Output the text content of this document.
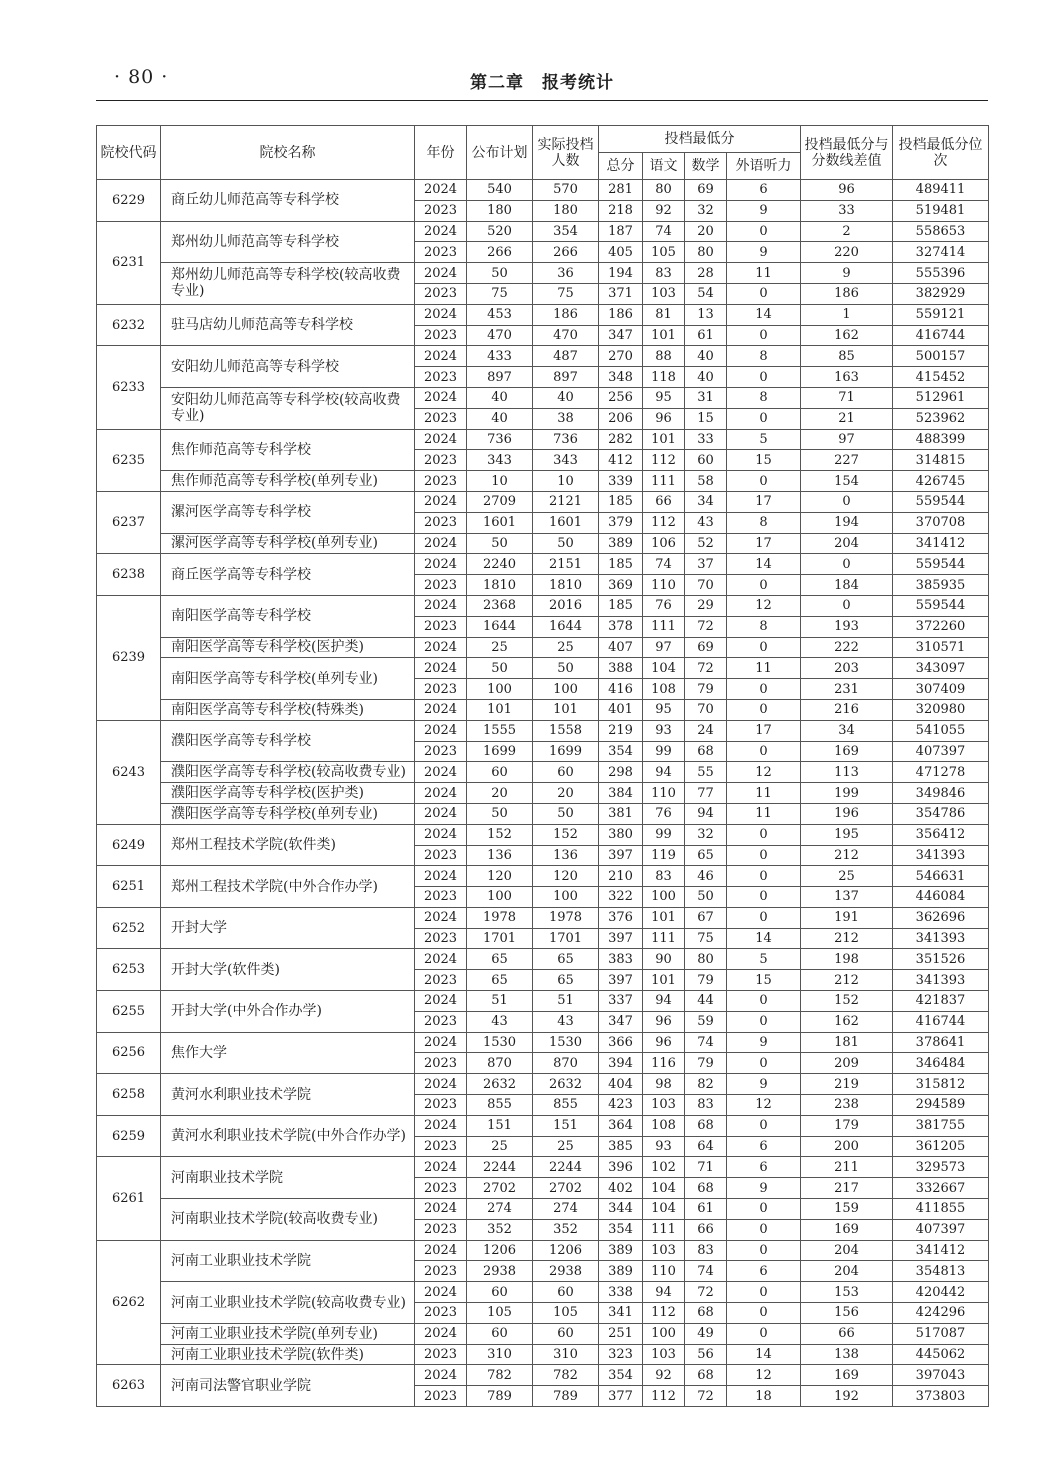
· 80 ·	第二章　报考统计

院校代码	院校名称	年份	公布计划	实际投档人数	投档最低分				投档最低分与分数线差值	投档最低分位次
					总分	语文	数学	外语听力		
6229	商丘幼儿师范高等专科学校	2024	540	570	281	80	69	6	96	489411
		2023	180	180	218	92	32	9	33	519481
6231	郑州幼儿师范高等专科学校	2024	520	354	187	74	20	0	2	558653
		2023	266	266	405	105	80	9	220	327414
	郑州幼儿师范高等专科学校(较高收费专业)	2024	50	36	194	83	28	11	9	555396
		2023	75	75	371	103	54	0	186	382929
6232	驻马店幼儿师范高等专科学校	2024	453	186	186	81	13	14	1	559121
		2023	470	470	347	101	61	0	162	416744
6233	安阳幼儿师范高等专科学校	2024	433	487	270	88	40	8	85	500157
		2023	897	897	348	118	40	0	163	415452
	安阳幼儿师范高等专科学校(较高收费专业)	2024	40	40	256	95	31	8	71	512961
		2023	40	38	206	96	15	0	21	523962
6235	焦作师范高等专科学校	2024	736	736	282	101	33	5	97	488399
		2023	343	343	412	112	60	15	227	314815
	焦作师范高等专科学校(单列专业)	2023	10	10	339	111	58	0	154	426745
6237	漯河医学高等专科学校	2024	2709	2121	185	66	34	17	0	559544
		2023	1601	1601	379	112	43	8	194	370708
	漯河医学高等专科学校(单列专业)	2024	50	50	389	106	52	17	204	341412
6238	商丘医学高等专科学校	2024	2240	2151	185	74	37	14	0	559544
		2023	1810	1810	369	110	70	0	184	385935
6239	南阳医学高等专科学校	2024	2368	2016	185	76	29	12	0	559544
		2023	1644	1644	378	111	72	8	193	372260
	南阳医学高等专科学校(医护类)	2024	25	25	407	97	69	0	222	310571
	南阳医学高等专科学校(单列专业)	2024	50	50	388	104	72	11	203	343097
		2023	100	100	416	108	79	0	231	307409
	南阳医学高等专科学校(特殊类)	2024	101	101	401	95	70	0	216	320980
6243	濮阳医学高等专科学校	2024	1555	1558	219	93	24	17	34	541055
		2023	1699	1699	354	99	68	0	169	407397
	濮阳医学高等专科学校(较高收费专业)	2024	60	60	298	94	55	12	113	471278
	濮阳医学高等专科学校(医护类)	2024	20	20	384	110	77	11	199	349846
	濮阳医学高等专科学校(单列专业)	2024	50	50	381	76	94	11	196	354786
6249	郑州工程技术学院(软件类)	2024	152	152	380	99	32	0	195	356412
		2023	136	136	397	119	65	0	212	341393
6251	郑州工程技术学院(中外合作办学)	2024	120	120	210	83	46	0	25	546631
		2023	100	100	322	100	50	0	137	446084
6252	开封大学	2024	1978	1978	376	101	67	0	191	362696
		2023	1701	1701	397	111	75	14	212	341393
6253	开封大学(软件类)	2024	65	65	383	90	80	5	198	351526
		2023	65	65	397	101	79	15	212	341393
6255	开封大学(中外合作办学)	2024	51	51	337	94	44	0	152	421837
		2023	43	43	347	96	59	0	162	416744
6256	焦作大学	2024	1530	1530	366	96	74	9	181	378641
		2023	870	870	394	116	79	0	209	346484
6258	黄河水利职业技术学院	2024	2632	2632	404	98	82	9	219	315812
		2023	855	855	423	103	83	12	238	294589
6259	黄河水利职业技术学院(中外合作办学)	2024	151	151	364	108	68	0	179	381755
		2023	25	25	385	93	64	6	200	361205
6261	河南职业技术学院	2024	2244	2244	396	102	71	6	211	329573
		2023	2702	2702	402	104	68	9	217	332667
	河南职业技术学院(较高收费专业)	2024	274	274	344	104	61	0	159	411855
		2023	352	352	354	111	66	0	169	407397
6262	河南工业职业技术学院	2024	1206	1206	389	103	83	0	204	341412
		2023	2938	2938	389	110	74	6	204	354813
	河南工业职业技术学院(较高收费专业)	2024	60	60	338	94	72	0	153	420442
		2023	105	105	341	112	68	0	156	424296
	河南工业职业技术学院(单列专业)	2024	60	60	251	100	49	0	66	517087
	河南工业职业技术学院(软件类)	2023	310	310	323	103	56	14	138	445062
6263	河南司法警官职业学院	2024	782	782	354	92	68	12	169	397043
		2023	789	789	377	112	72	18	192	373803
